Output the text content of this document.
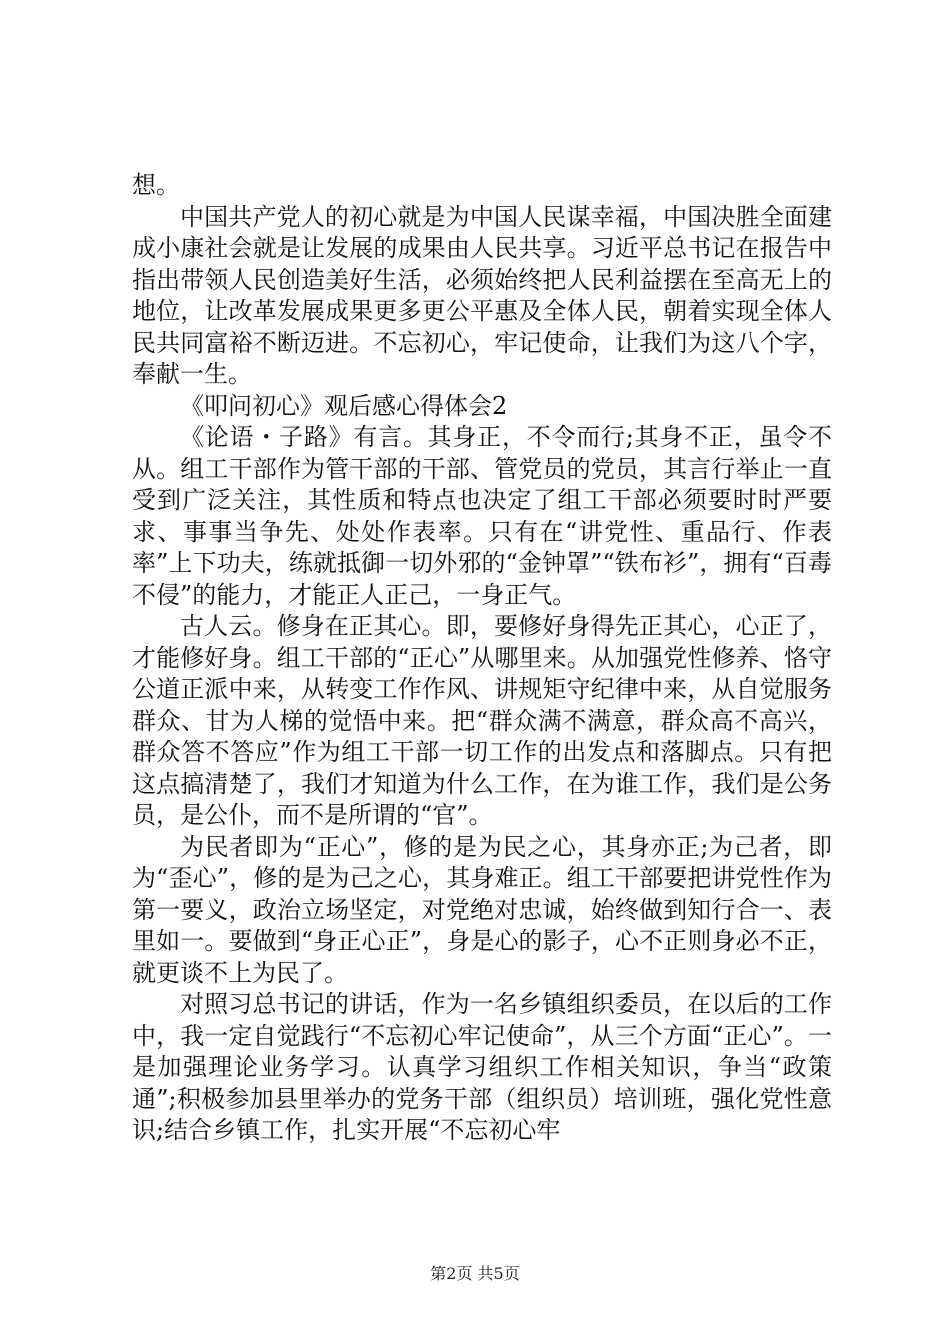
想。

中国共产党人的初心就是为中国人民谋幸福，中国决胜全面建成小康社会就是让发展的成果由人民共享。习近平总书记在报告中指出带领人民创造美好生活，必须始终把人民利益摆在至高无上的地位，让改革发展成果更多更公平惠及全体人民，朝着实现全体人民共同富裕不断迈进。不忘初心，牢记使命，让我们为这八个字，奉献一生。

《叩问初心》观后感心得体会2

《论语・子路》有言。其身正，不令而行;其身不正，虽令不从。组工干部作为管干部的干部、管党员的党员，其言行举止一直受到广泛关注，其性质和特点也决定了组工干部必须要时时严要求、事事当争先、处处作表率。只有在“讲党性、重品行、作表率”上下功夫，练就抵御一切外邪的“金钟罩”“铁布衫”，拥有“百毒不侵”的能力，才能正人正己，一身正气。

古人云。修身在正其心。即，要修好身得先正其心，心正了，才能修好身。组工干部的“正心”从哪里来。从加强党性修养、恪守公道正派中来，从转变工作作风、讲规矩守纪律中来，从自觉服务群众、甘为人梯的觉悟中来。把“群众满不满意，群众高不高兴，群众答不答应”作为组工干部一切工作的出发点和落脚点。只有把这点搞清楚了，我们才知道为什么工作，在为谁工作，我们是公务员，是公仆，而不是所谓的“官”。

为民者即为“正心”，修的是为民之心，其身亦正;为己者，即为“歪心”，修的是为己之心，其身难正。组工干部要把讲党性作为第一要义，政治立场坚定，对党绝对忠诚，始终做到知行合一、表里如一。要做到“身正心正”，身是心的影子，心不正则身必不正，就更谈不上为民了。

对照习总书记的讲话，作为一名乡镇组织委员，在以后的工作中，我一定自觉践行“不忘初心牢记使命”，从三个方面“正心”。一是加强理论业务学习。认真学习组织工作相关知识，争当“政策通”;积极参加县里举办的党务干部（组织员）培训班，强化党性意识;结合乡镇工作，扎实开展“不忘初心牢

第2页 共5页
